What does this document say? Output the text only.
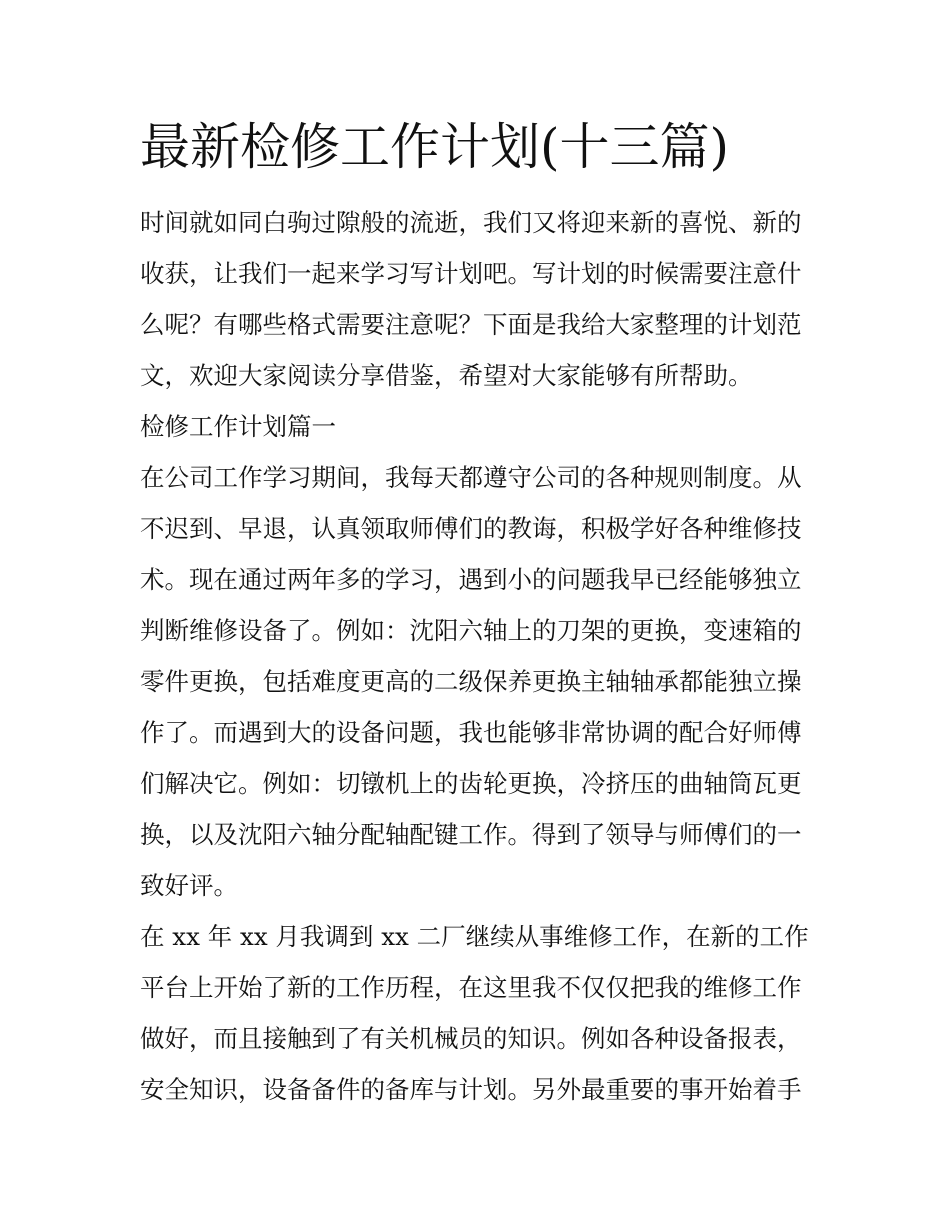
最新检修工作计划(十三篇)
时间就如同白驹过隙般的流逝，我们又将迎来新的喜悦、新的
收获，让我们一起来学习写计划吧。写计划的时候需要注意什
么呢？有哪些格式需要注意呢？下面是我给大家整理的计划范
文，欢迎大家阅读分享借鉴，希望对大家能够有所帮助。
检修工作计划篇一
在公司工作学习期间，我每天都遵守公司的各种规则制度。从
不迟到、早退，认真领取师傅们的教诲，积极学好各种维修技
术。现在通过两年多的学习，遇到小的问题我早已经能够独立
判断维修设备了。例如：沈阳六轴上的刀架的更换，变速箱的
零件更换，包括难度更高的二级保养更换主轴轴承都能独立操
作了。而遇到大的设备问题，我也能够非常协调的配合好师傅
们解决它。例如：切镦机上的齿轮更换，冷挤压的曲轴筒瓦更
换，以及沈阳六轴分配轴配键工作。得到了领导与师傅们的一
致好评。
在 xx 年 xx 月我调到 xx 二厂继续从事维修工作，在新的工作
平台上开始了新的工作历程，在这里我不仅仅把我的维修工作
做好，而且接触到了有关机械员的知识。例如各种设备报表，
安全知识，设备备件的备库与计划。另外最重要的事开始着手
